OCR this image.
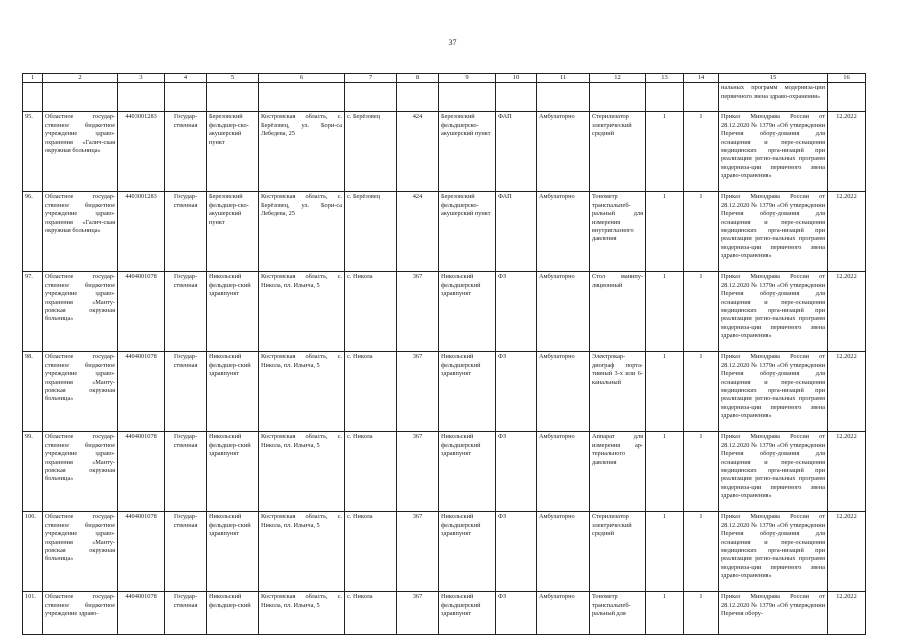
37
1	2	3	4	5	6	7	8	9	10	11	12	13	14	15	16
														нальных программ модерниза-ции первичного звена здраво-охранения»	
95.	Областное государ-ственное бюджетное учреждение здраво-охранения «Галич-ская окружная больница»	4403001283	Государ-ственная	Березовский фельдшер-ско-акушерский пункт	Костромская область, с. Берёзовец, ул. Бори-са Лебедева, 25	с. Берёзовец	424	Березовский фельдшерско-акушерский пункт	ФАП	Амбулаторно	Стерилизатор электрический средний	1	1	Приказ Минздрава России от 28.12.2020 № 1379н «Об утверждении Перечня обору-дования для оснащения и пере-оснащения медицинских орга-низаций при реализации регио-нальных программ модерниза-ции первичного звена здраво-охранения»	12.2022
96.	Областное государ-ственное бюджетное учреждение здраво-охранения «Галич-ская окружная больница»	4403001283	Государ-ственная	Березовский фельдшер-ско-акушерский пункт	Костромская область, с. Берёзовец, ул. Бори-са Лебедева, 25	с. Берёзовец	424	Березовский фельдшерско-акушерский пункт	ФАП	Амбулаторно	Тонометр транспальпеб-ральный для измерения внутриглазного давления	1	1	Приказ Минздрава России от 28.12.2020 № 1379н «Об утверждении Перечня обору-дования для оснащения и пере-оснащения медицинских орга-низаций при реализации регио-нальных программ модерниза-ции первичного звена здраво-охранения»	12.2022
97.	Областное государ-ственное бюджетное учреждение здраво-охранения «Манту-ровская окружная больница»	4404001078	Государ-ственная	Никольский фельдшер-ский здравпункт	Костромская область, с. Никола, пл. Ильича, 5	с. Никола	367	Никольский фельдшерский здравпункт	ФЗ	Амбулаторно	Стол манипу-ляционный	1	1	Приказ Минздрава России от 28.12.2020 № 1379н «Об утверждении Перечня обору-дования для оснащения и пере-оснащения медицинских орга-низаций при реализации регио-нальных программ модерниза-ции первичного звена здраво-охранения»	12.2022
98.	Областное государ-ственное бюджетное учреждение здраво-охранения «Манту-ровская окружная больница»	4404001078	Государ-ственная	Никольский фельдшер-ский здравпункт	Костромская область, с. Никола, пл. Ильича, 5	с. Никола	367	Никольский фельдшерский здравпункт	ФЗ	Амбулаторно	Электрокар-диограф порта-тивный 3-х или 6-канальный	1	1	Приказ Минздрава России от 28.12.2020 № 1379н «Об утверждении Перечня обору-дования для оснащения и пере-оснащения медицинских орга-низаций при реализации регио-нальных программ модерниза-ции первичного звена здраво-охранения»	12.2022
99.	Областное государ-ственное бюджетное учреждение здраво-охранения «Манту-ровская окружная больница»	4404001078	Государ-ственная	Никольский фельдшер-ский здравпункт	Костромская область, с. Никола, пл. Ильича, 5	с. Никола	367	Никольский фельдшерский здравпункт	ФЗ	Амбулаторно	Аппарат для измерения ар-териального давления	1	1	Приказ Минздрава России от 28.12.2020 № 1379н «Об утверждении Перечня обору-дования для оснащения и пере-оснащения медицинских орга-низаций при реализации регио-нальных программ модерниза-ции первичного звена здраво-охранения»	12.2022
100.	Областное государ-ственное бюджетное учреждение здраво-охранения «Манту-ровская окружная больница»	4404001078	Государ-ственная	Никольский фельдшер-ский здравпункт	Костромская область, с. Никола, пл. Ильича, 5	с. Никола	367	Никольский фельдшерский здравпункт	ФЗ	Амбулаторно	Стерилизатор электрический средний	1	1	Приказ Минздрава России от 28.12.2020 № 1379н «Об утверждении Перечня обору-дования для оснащения и пере-оснащения медицинских орга-низаций при реализации регио-нальных программ модерниза-ции первичного звена здраво-охранения»	12.2022
101.	Областное государ-ственное бюджетное учреждение здраво-	4404001078	Государ-ственная	Никольский фельдшер-ский	Костромская область, с. Никола, пл. Ильича, 5	с. Никола	367	Никольский фельдшерский здравпункт	ФЗ	Амбулаторно	Тонометр транспальпеб-ральный для	1	1	Приказ Минздрава России от 28.12.2020 № 1379н «Об утверждении Перечня обору-	12.2022
